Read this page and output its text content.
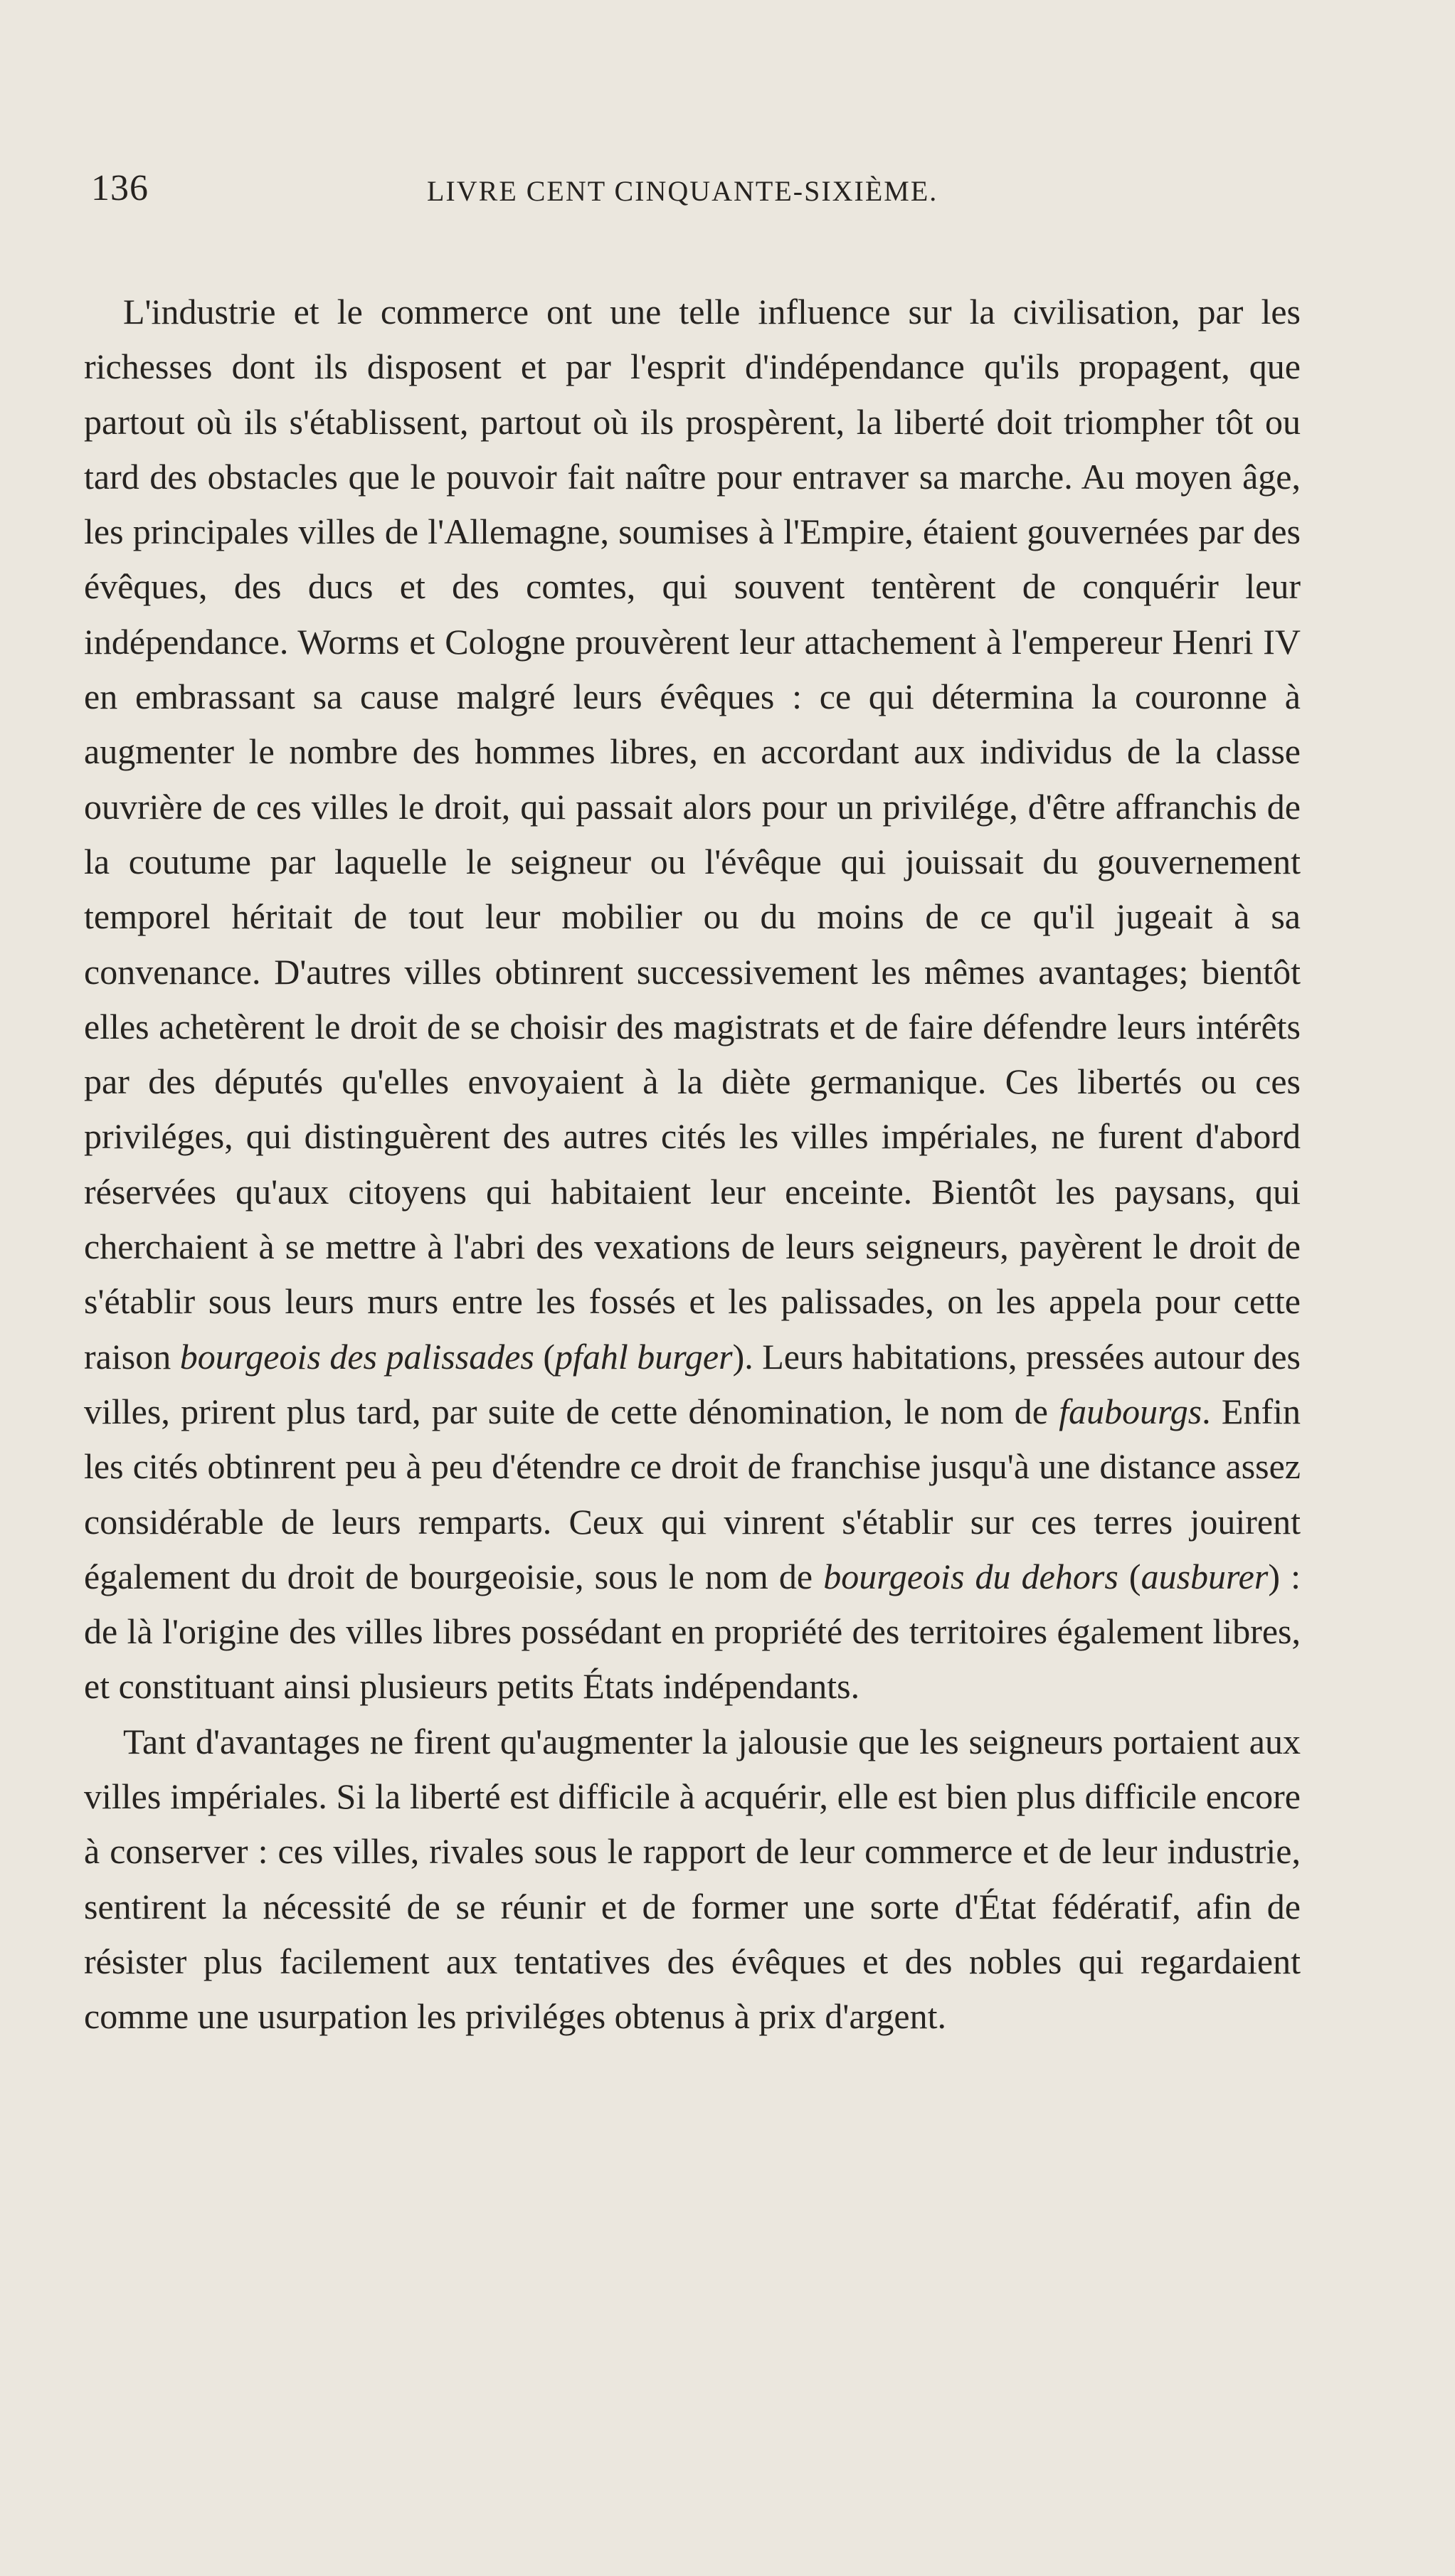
136	LIVRE CENT CINQUANTE-SIXIÈME.

L'industrie et le commerce ont une telle influence sur la civilisation, par les richesses dont ils disposent et par l'esprit d'indépendance qu'ils propagent, que partout où ils s'établissent, partout où ils prospèrent, la liberté doit triompher tôt ou tard des obstacles que le pouvoir fait naître pour entraver sa marche. Au moyen âge, les principales villes de l'Allemagne, soumises à l'Empire, étaient gouvernées par des évêques, des ducs et des comtes, qui souvent tentèrent de conquérir leur indépendance. Worms et Cologne prouvèrent leur attachement à l'empereur Henri IV en embrassant sa cause malgré leurs évêques : ce qui détermina la couronne à augmenter le nombre des hommes libres, en accordant aux individus de la classe ouvrière de ces villes le droit, qui passait alors pour un privilége, d'être affranchis de la coutume par laquelle le seigneur ou l'évêque qui jouissait du gouvernement temporel héritait de tout leur mobilier ou du moins de ce qu'il jugeait à sa convenance. D'autres villes obtinrent successivement les mêmes avantages; bientôt elles achetèrent le droit de se choisir des magistrats et de faire défendre leurs intérêts par des députés qu'elles envoyaient à la diète germanique. Ces libertés ou ces priviléges, qui distinguèrent des autres cités les villes impériales, ne furent d'abord réservées qu'aux citoyens qui habitaient leur enceinte. Bientôt les paysans, qui cherchaient à se mettre à l'abri des vexations de leurs seigneurs, payèrent le droit de s'établir sous leurs murs entre les fossés et les palissades, on les appela pour cette raison bourgeois des palissades (pfahl burger). Leurs habitations, pressées autour des villes, prirent plus tard, par suite de cette dénomination, le nom de faubourgs. Enfin les cités obtinrent peu à peu d'étendre ce droit de franchise jusqu'à une distance assez considérable de leurs remparts. Ceux qui vinrent s'établir sur ces terres jouirent également du droit de bourgeoisie, sous le nom de bourgeois du dehors (ausburer) : de là l'origine des villes libres possédant en propriété des territoires également libres, et constituant ainsi plusieurs petits États indépendants.

Tant d'avantages ne firent qu'augmenter la jalousie que les seigneurs portaient aux villes impériales. Si la liberté est difficile à acquérir, elle est bien plus difficile encore à conserver : ces villes, rivales sous le rapport de leur commerce et de leur industrie, sentirent la nécessité de se réunir et de former une sorte d'État fédératif, afin de résister plus facilement aux tentatives des évêques et des nobles qui regardaient comme une usurpation les priviléges obtenus à prix d'argent.
